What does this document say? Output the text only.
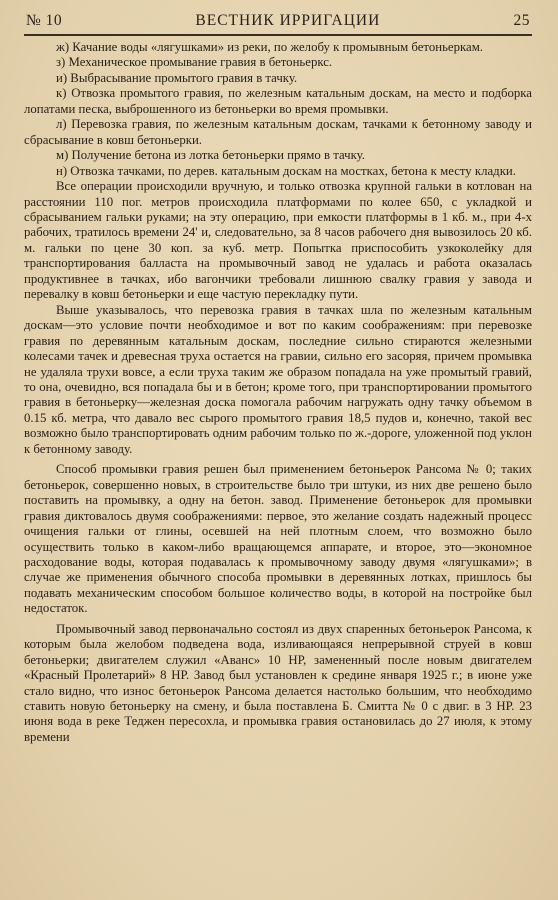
№ 10	ВЕСТНИК ИРРИГАЦИИ	25

ж) Качание воды «лягушками» из реки, по желобу к промывным бетоньеркам.

з) Механическое промывание гравия в бетоньеркс.

и) Выбрасывание промытого гравия в тачку.

к) Отвозка промытого гравия, по железным катальным доскам, на место и подборка лопатами песка, выброшенного из бетоньерки во время промывки.

л) Перевозка гравия, по железным катальным доскам, тачками к бетонному заводу и сбрасывание в ковш бетоньерки.

м) Получение бетона из лотка бетоньерки прямо в тачку.

н) Отвозка тачками, по дерев. катальным доскам на мостках, бетона к месту кладки.

Все операции происходили вручную, и только отвозка крупной гальки в котлован на расстоянии 110 пог. метров происходила платформами по колее 650, с укладкой и сбрасыванием гальки руками; на эту операцию, при емкости платформы в 1 кб. м., при 4-х рабочих, тратилось времени 24' и, следовательно, за 8 часов рабочего дня вывозилось 20 кб. м. гальки по цене 30 коп. за куб. метр. Попытка приспособить узкоколейку для транспортирования балласта на промывочный завод не удалась и работа оказалась продуктивнее в тачках, ибо вагончики требовали лишнюю свалку гравия у завода и перевалку в ковш бетоньерки и еще частую перекладку пути.

Выше указывалось, что перевозка гравия в тачках шла по железным катальным доскам—это условие почти необходимое и вот по каким соображениям: при перевозке гравия по деревянным катальным доскам, последние сильно стираются железными колесами тачек и древесная труха остается на гравии, сильно его засоряя, причем промывка не удаляла трухи вовсе, а если труха таким же образом попадала на уже промытый гравий, то она, очевидно, вся попадала бы и в бетон; кроме того, при транспортировании промытого гравия в бетоньерку—железная доска помогала рабочим нагружать одну тачку объемом в 0.15 кб. метра, что давало вес сырого промытого гравия 18,5 пудов и, конечно, такой вес возможно было транспортировать одним рабочим только по ж.-дороге, уложенной под уклон к бетонному заводу.

Способ промывки гравия решен был применением бетоньерок Рансома № 0; таких бетоньерок, совершенно новых, в строительстве было три штуки, из них две решено было поставить на промывку, а одну на бетон. завод. Применение бетоньерок для промывки гравия диктовалось двумя соображениями: первое, это желание создать надежный процесс очищения гальки от глины, осевшей на ней плотным слоем, что возможно было осуществить только в каком-либо вращающемся аппарате, и второе, это—экономное расходование воды, которая подавалась к промывочному заводу двумя «лягушками»; в случае же применения обычного способа промывки в деревянных лотках, пришлось бы подавать механическим способом большое количество воды, в которой на постройке был недостаток.

Промывочный завод первоначально состоял из двух спаренных бетоньерок Рансома, к которым была желобом подведена вода, изливающаяся непрерывной струей в ковш бетоньерки; двигателем служил «Аванс» 10 НР, замененный после новым двигателем «Красный Пролетарий» 8 НР. Завод был установлен к средине января 1925 г.; в июне уже стало видно, что износ бетоньерок Рансома делается настолько большим, что необходимо ставить новую бетоньерку на смену, и была поставлена Б. Смитта № 0 с двиг. в 3 НР. 23 июня вода в реке Теджен пересохла, и промывка гравия остановилась до 27 июля, к этому времени
